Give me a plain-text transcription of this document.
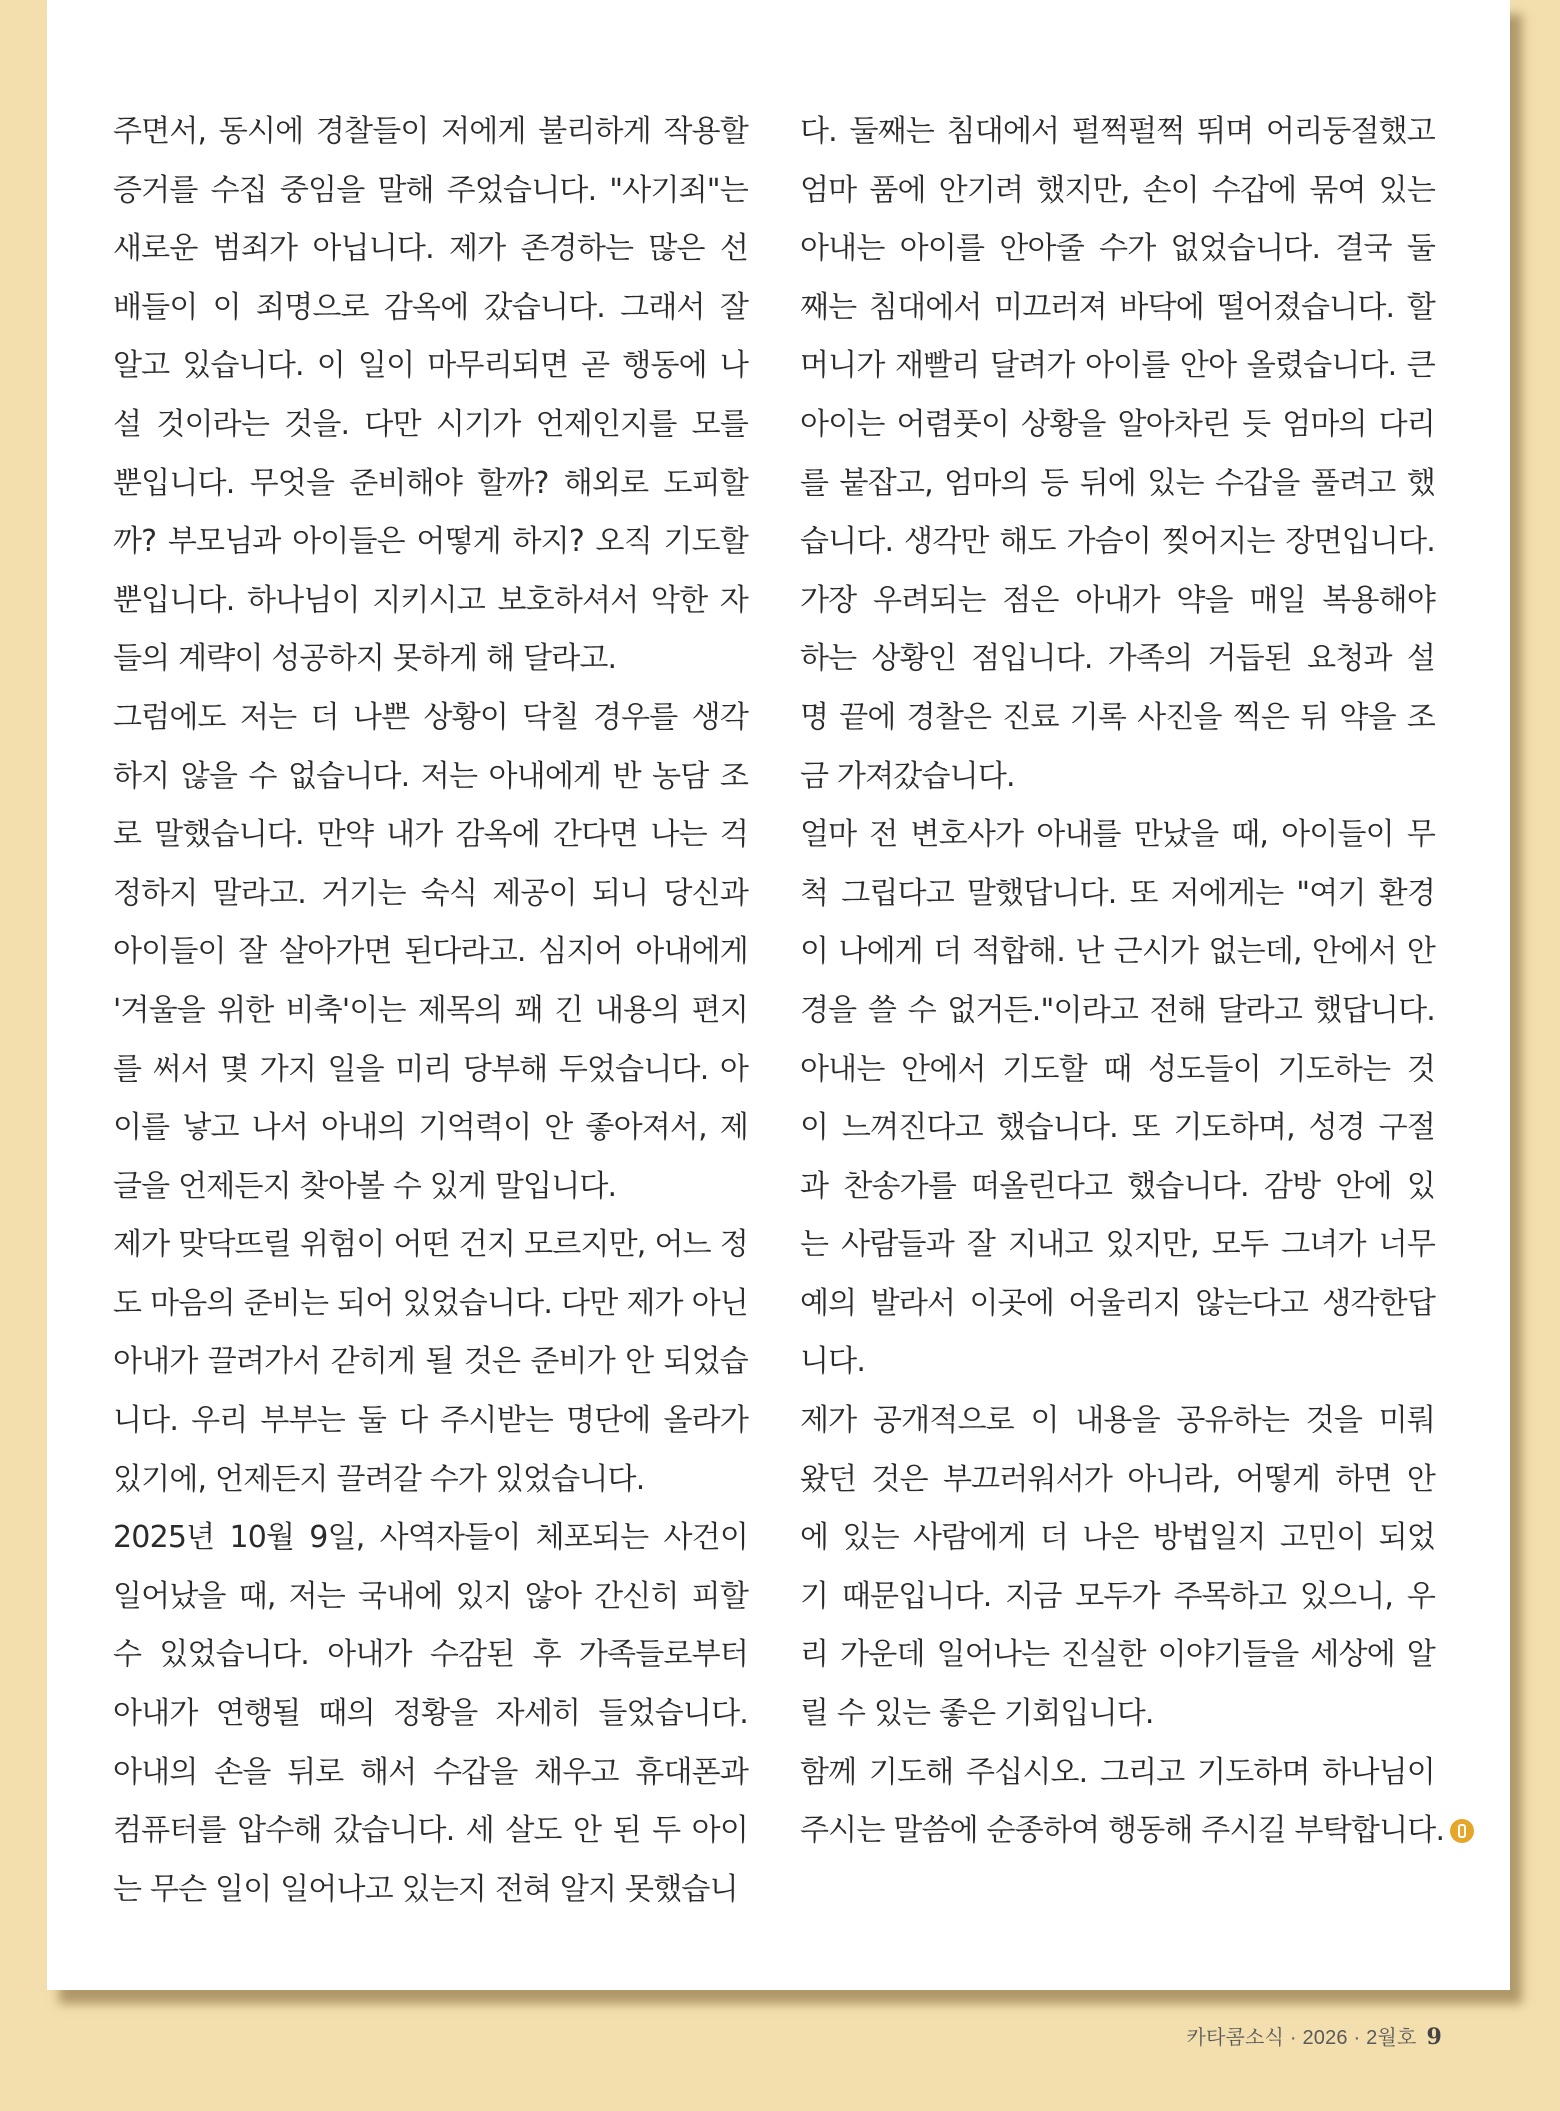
주면서, 동시에 경찰들이 저에게 불리하게 작용할
증거를 수집 중임을 말해 주었습니다. "사기죄"는
새로운 범죄가 아닙니다. 제가 존경하는 많은 선
배들이 이 죄명으로 감옥에 갔습니다. 그래서 잘
알고 있습니다. 이 일이 마무리되면 곧 행동에 나
설 것이라는 것을. 다만 시기가 언제인지를 모를
뿐입니다. 무엇을 준비해야 할까? 해외로 도피할
까? 부모님과 아이들은 어떻게 하지? 오직 기도할
뿐입니다. 하나님이 지키시고 보호하셔서 악한 자
들의 계략이 성공하지 못하게 해 달라고.
그럼에도 저는 더 나쁜 상황이 닥칠 경우를 생각
하지 않을 수 없습니다. 저는 아내에게 반 농담 조
로 말했습니다. 만약 내가 감옥에 간다면 나는 걱
정하지 말라고. 거기는 숙식 제공이 되니 당신과
아이들이 잘 살아가면 된다라고. 심지어 아내에게
'겨울을 위한 비축'이는 제목의 꽤 긴 내용의 편지
를 써서 몇 가지 일을 미리 당부해 두었습니다. 아
이를 낳고 나서 아내의 기억력이 안 좋아져서, 제
글을 언제든지 찾아볼 수 있게 말입니다.
제가 맞닥뜨릴 위험이 어떤 건지 모르지만, 어느 정
도 마음의 준비는 되어 있었습니다. 다만 제가 아닌
아내가 끌려가서 갇히게 될 것은 준비가 안 되었습
니다. 우리 부부는 둘 다 주시받는 명단에 올라가
있기에, 언제든지 끌려갈 수가 있었습니다.
2025년 10월 9일, 사역자들이 체포되는 사건이
일어났을 때, 저는 국내에 있지 않아 간신히 피할
수 있었습니다. 아내가 수감된 후 가족들로부터
아내가 연행될 때의 정황을 자세히 들었습니다.
아내의 손을 뒤로 해서 수갑을 채우고 휴대폰과
컴퓨터를 압수해 갔습니다. 세 살도 안 된 두 아이
는 무슨 일이 일어나고 있는지 전혀 알지 못했습니
다. 둘째는 침대에서 펄쩍펄쩍 뛰며 어리둥절했고
엄마 품에 안기려 했지만, 손이 수갑에 묶여 있는
아내는 아이를 안아줄 수가 없었습니다. 결국 둘
째는 침대에서 미끄러져 바닥에 떨어졌습니다. 할
머니가 재빨리 달려가 아이를 안아 올렸습니다. 큰
아이는 어렴풋이 상황을 알아차린 듯 엄마의 다리
를 붙잡고, 엄마의 등 뒤에 있는 수갑을 풀려고 했
습니다. 생각만 해도 가슴이 찢어지는 장면입니다.
가장 우려되는 점은 아내가 약을 매일 복용해야
하는 상황인 점입니다. 가족의 거듭된 요청과 설
명 끝에 경찰은 진료 기록 사진을 찍은 뒤 약을 조
금 가져갔습니다.
얼마 전 변호사가 아내를 만났을 때, 아이들이 무
척 그립다고 말했답니다. 또 저에게는 "여기 환경
이 나에게 더 적합해. 난 근시가 없는데, 안에서 안
경을 쓸 수 없거든."이라고 전해 달라고 했답니다.
아내는 안에서 기도할 때 성도들이 기도하는 것
이 느껴진다고 했습니다. 또 기도하며, 성경 구절
과 찬송가를 떠올린다고 했습니다. 감방 안에 있
는 사람들과 잘 지내고 있지만, 모두 그녀가 너무
예의 발라서 이곳에 어울리지 않는다고 생각한답
니다.
제가 공개적으로 이 내용을 공유하는 것을 미뤄
왔던 것은 부끄러워서가 아니라, 어떻게 하면 안
에 있는 사람에게 더 나은 방법일지 고민이 되었
기 때문입니다. 지금 모두가 주목하고 있으니, 우
리 가운데 일어나는 진실한 이야기들을 세상에 알
릴 수 있는 좋은 기회입니다.
함께 기도해 주십시오. 그리고 기도하며 하나님이
주시는 말씀에 순종하여 행동해 주시길 부탁합니다.
카타콤소식 · 2026 · 2월호 9
